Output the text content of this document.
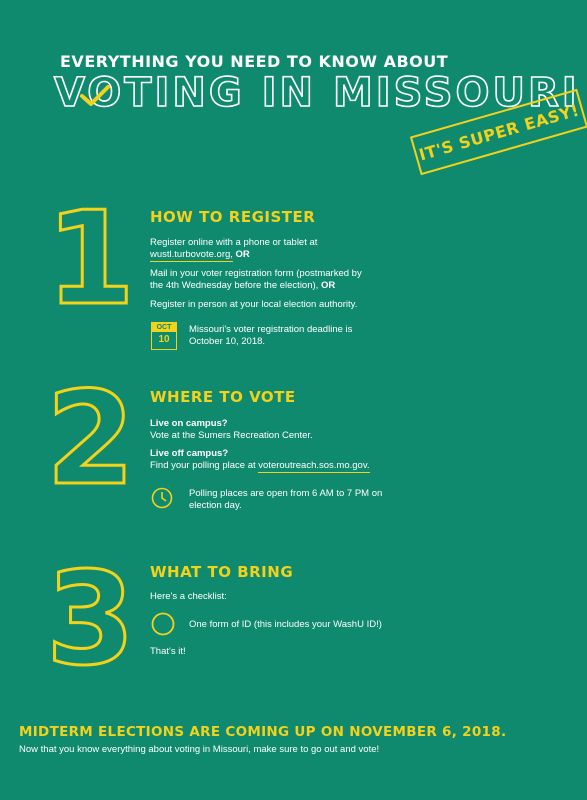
EVERYTHING YOU NEED TO KNOW ABOUT
VOTING IN MISSOURI
IT'S SUPER EASY!
1 HOW TO REGISTER
Register online with a phone or tablet at
wustl.turbovote.org, OR
Mail in your voter registration form (postmarked by the 4th Wednesday before the election), OR
Register in person at your local election authority.
OCT
10
Missouri's voter registration deadline is October 10, 2018.
2 WHERE TO VOTE
Live on campus?
Vote at the Sumers Recreation Center.
Live off campus?
Find your polling place at voteroutreach.sos.mo.gov.
Polling places are open from 6 AM to 7 PM on election day.
3 WHAT TO BRING
Here's a checklist:
One form of ID (this includes your WashU ID!)
That's it!
MIDTERM ELECTIONS ARE COMING UP ON NOVEMBER 6, 2018.
Now that you know everything about voting in Missouri, make sure to go out and vote!
